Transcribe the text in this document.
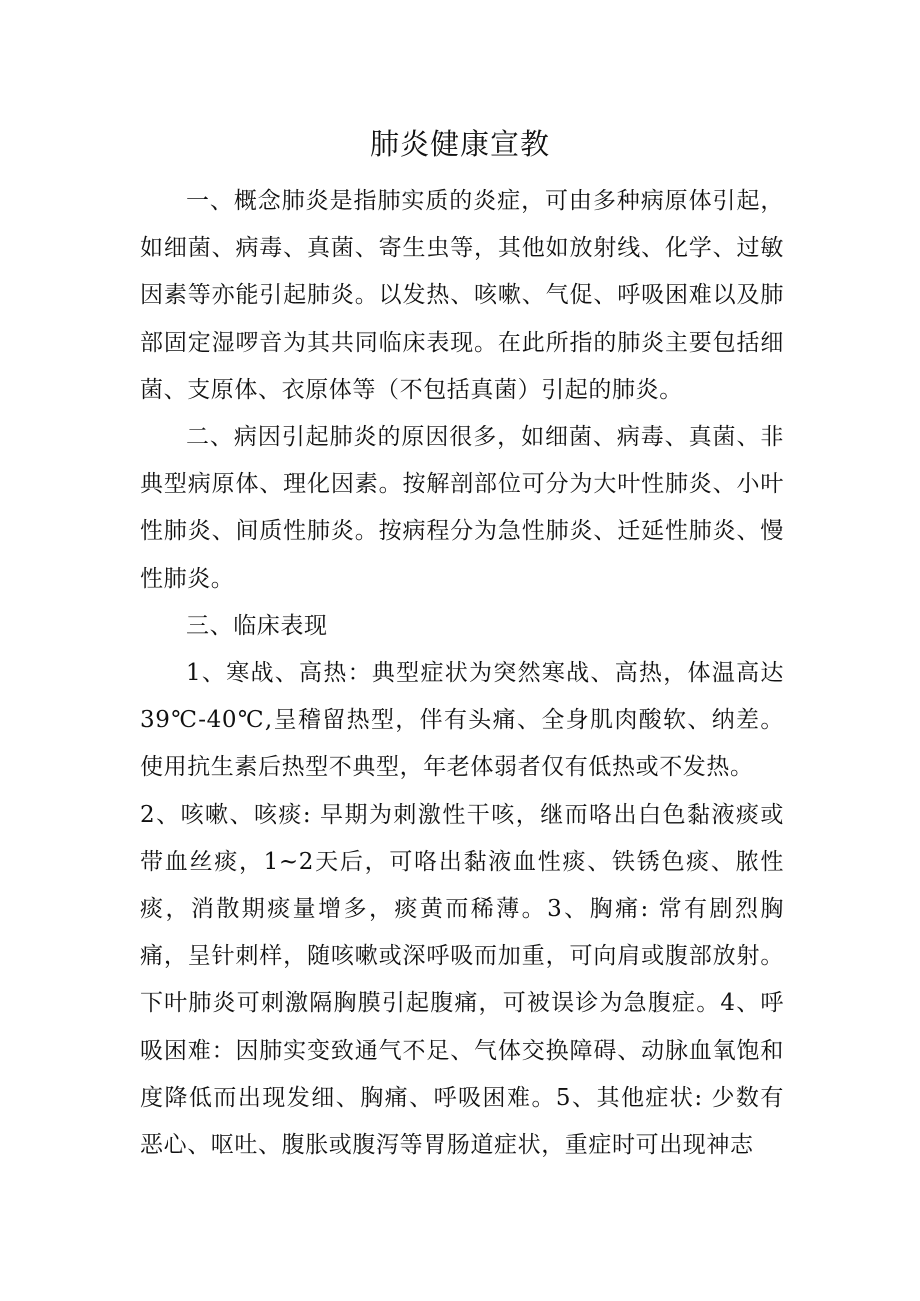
肺炎健康宣教

一、概念肺炎是指肺实质的炎症，可由多种病原体引起，如细菌、病毒、真菌、寄生虫等，其他如放射线、化学、过敏因素等亦能引起肺炎。以发热、咳嗽、气促、呼吸困难以及肺部固定湿啰音为其共同临床表现。在此所指的肺炎主要包括细菌、支原体、衣原体等（不包括真菌）引起的肺炎。

二、病因引起肺炎的原因很多，如细菌、病毒、真菌、非典型病原体、理化因素。按解剖部位可分为大叶性肺炎、小叶性肺炎、间质性肺炎。按病程分为急性肺炎、迁延性肺炎、慢性肺炎。

三、临床表现

1、寒战、高热：典型症状为突然寒战、高热，体温高达39℃-40℃,呈稽留热型，伴有头痛、全身肌肉酸软、纳差。使用抗生素后热型不典型，年老体弱者仅有低热或不发热。

2、咳嗽、咳痰: 早期为刺激性干咳，继而咯出白色黏液痰或带血丝痰，1~2天后，可咯出黏液血性痰、铁锈色痰、脓性痰，消散期痰量增多，痰黄而稀薄。3、胸痛: 常有剧烈胸痛，呈针刺样，随咳嗽或深呼吸而加重，可向肩或腹部放射。下叶肺炎可刺激隔胸膜引起腹痛，可被误诊为急腹症。4、呼吸困难：因肺实变致通气不足、气体交换障碍、动脉血氧饱和度降低而出现发细、胸痛、呼吸困难。5、其他症状: 少数有恶心、呕吐、腹胀或腹泻等胃肠道症状，重症时可出现神志
